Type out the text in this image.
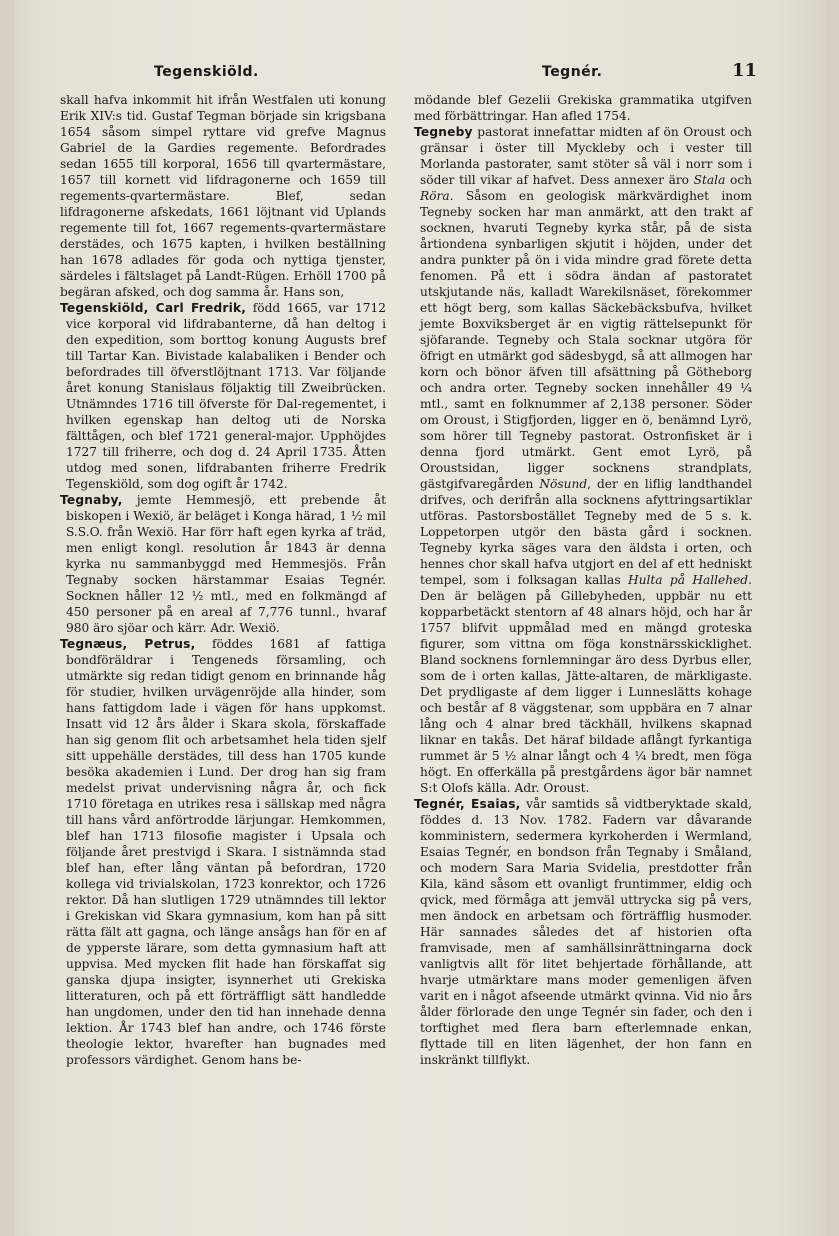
Tegenskiöld.	Tegnér.	11

skall hafva inkommit hit ifrån Westfalen uti konung Erik XIV:s tid. Gustaf Tegman började sin krigsbana 1654 såsom simpel ryttare vid grefve Magnus Gabriel de la Gardies regemente. Befordrades sedan 1655 till korporal, 1656 till qvartermästare, 1657 till kornett vid lifdragonerne och 1659 till regements-qvartermästare. Blef, sedan lifdragonerne afskedats, 1661 löjtnant vid Uplands regemente till fot, 1667 regements-qvartermästare derstädes, och 1675 kapten, i hvilken beställning han 1678 adlades för goda och nyttiga tjenster, särdeles i fältslaget på Landt-Rügen. Erhöll 1700 på begäran afsked, och dog samma år. Hans son,

Tegenskiöld, Carl Fredrik, född 1665, var 1712 vice korporal vid lifdrabanterne, då han deltog i den expedition, som borttog konung Augusts bref till Tartar Kan. Bivistade kalabaliken i Bender och befordrades till öfverstlöjtnant 1713. Var följande året konung Stanislaus följaktig till Zweibrücken. Utnämndes 1716 till öfverste för Dal-regementet, i hvilken egenskap han deltog uti de Norska fälttågen, och blef 1721 general-major. Upphöjdes 1727 till friherre, och dog d. 24 April 1735. Åtten utdog med sonen, lifdrabanten friherre Fredrik Tegenskiöld, som dog ogift år 1742.

Tegnaby, jemte Hemmesjö, ett prebende åt biskopen i Wexiö, är beläget i Konga härad, 1 ½ mil S.S.O. från Wexiö. Har förr haft egen kyrka af träd, men enligt kongl. resolution år 1843 är denna kyrka nu sammanbyggd med Hemmesjös. Från Tegnaby socken härstammar Esaias Tegnér. Socknen håller 12 ½ mtl., med en folkmängd af 450 personer på en areal af 7,776 tunnl., hvaraf 980 äro sjöar och kärr. Adr. Wexiö.

Tegnæus, Petrus, föddes 1681 af fattiga bondföräldrar i Tengeneds församling, och utmärkte sig redan tidigt genom en brinnande håg för studier, hvilken urvägenröjde alla hinder, som hans fattigdom lade i vägen för hans uppkomst. Insatt vid 12 års ålder i Skara skola, förskaffade han sig genom flit och arbetsamhet hela tiden sjelf sitt uppehälle derstädes, till dess han 1705 kunde besöka akademien i Lund. Der drog han sig fram medelst privat undervisning några år, och fick 1710 företaga en utrikes resa i sällskap med några till hans vård anförtrodde lärjungar. Hemkommen, blef han 1713 filosofie magister i Upsala och följande året prestvigd i Skara. I sistnämnda stad blef han, efter lång väntan på befordran, 1720 kollega vid trivialskolan, 1723 konrektor, och 1726 rektor. Då han slutligen 1729 utnämndes till lektor i Grekiskan vid Skara gymnasium, kom han på sitt rätta fält att gagna, och länge ansågs han för en af de ypperste lärare, som detta gymnasium haft att uppvisa. Med mycken flit hade han förskaffat sig ganska djupa insigter, isynnerhet uti Grekiska litteraturen, och på ett förträffligt sätt handledde han ungdomen, under den tid han innehade denna lektion. År 1743 blef han andre, och 1746 förste theologie lektor, hvarefter han bugnades med professors värdighet. Genom hans be-

mödande blef Gezelii Grekiska grammatika utgifven med förbättringar. Han afled 1754.

Tegneby pastorat innefattar midten af ön Oroust och gränsar i öster till Myckleby och i vester till Morlanda pastorater, samt stöter så väl i norr som i söder till vikar af hafvet. Dess annexer äro Stala och Röra. Såsom en geologisk märkvärdighet inom Tegneby socken har man anmärkt, att den trakt af socknen, hvaruti Tegneby kyrka står, på de sista årtiondena synbarligen skjutit i höjden, under det andra punkter på ön i vida mindre grad förete detta fenomen. På ett i södra ändan af pastoratet utskjutande näs, kalladt Warekilsnäset, förekommer ett högt berg, som kallas Säckebäcksbufva, hvilket jemte Boxviksberget är en vigtig rättelsepunkt för sjöfarande. Tegneby och Stala socknar utgöra för öfrigt en utmärkt god sädesbygd, så att allmogen har korn och bönor äfven till afsättning på Götheborg och andra orter. Tegneby socken innehåller 49 ¼ mtl., samt en folknummer af 2,138 personer. Söder om Oroust, i Stigfjorden, ligger en ö, benämnd Lyrö, som hörer till Tegneby pastorat. Ostronfisket är i denna fjord utmärkt. Gent emot Lyrö, på Oroustsidan, ligger socknens strandplats, gästgifvaregården Nösund, der en liflig landthandel drifves, och derifrån alla socknens afyttringsartiklar utföras. Pastorsbostället Tegneby med de 5 s. k. Loppetorpen utgör den bästa gård i socknen. Tegneby kyrka säges vara den äldsta i orten, och hennes chor skall hafva utgjort en del af ett hedniskt tempel, som i folksagan kallas Hulta på Hallehed. Den är belägen på Gillebyheden, uppbär nu ett kopparbetäckt stentorn af 48 alnars höjd, och har år 1757 blifvit uppmålad med en mängd groteska figurer, som vittna om föga konstnärsskicklighet. Bland socknens fornlemningar äro dess Dyrbus eller, som de i orten kallas, Jätte-altaren, de märkligaste. Det prydligaste af dem ligger i Lunneslätts kohage och består af 8 väggstenar, som uppbära en 7 alnar lång och 4 alnar bred täckhäll, hvilkens skapnad liknar en takås. Det häraf bildade aflångt fyrkantiga rummet är 5 ½ alnar långt och 4 ¼ bredt, men föga högt. En offerkälla på prestgårdens ägor bär namnet S:t Olofs källa. Adr. Oroust.

Tegnér, Esaias, vår samtids så vidtberyktade skald, föddes d. 13 Nov. 1782. Fadern var dåvarande komministern, sedermera kyrkoherden i Wermland, Esaias Tegnér, en bondson från Tegnaby i Småland, och modern Sara Maria Svidelia, prestdotter från Kila, känd såsom ett ovanligt fruntimmer, eldig och qvick, med förmåga att jemväl uttrycka sig på vers, men ändock en arbetsam och förträfflig husmoder. Här sannades således det af historien ofta framvisade, men af samhällsinrättningarna dock vanligtvis allt för litet behjertade förhållande, att hvarje utmärktare mans moder gemenligen äfven varit en i något afseende utmärkt qvinna. Vid nio års ålder förlorade den unge Tegnér sin fader, och den i torftighet med flera barn efterlemnade enkan, flyttade till en liten lägenhet, der hon fann en inskränkt tillflykt.
